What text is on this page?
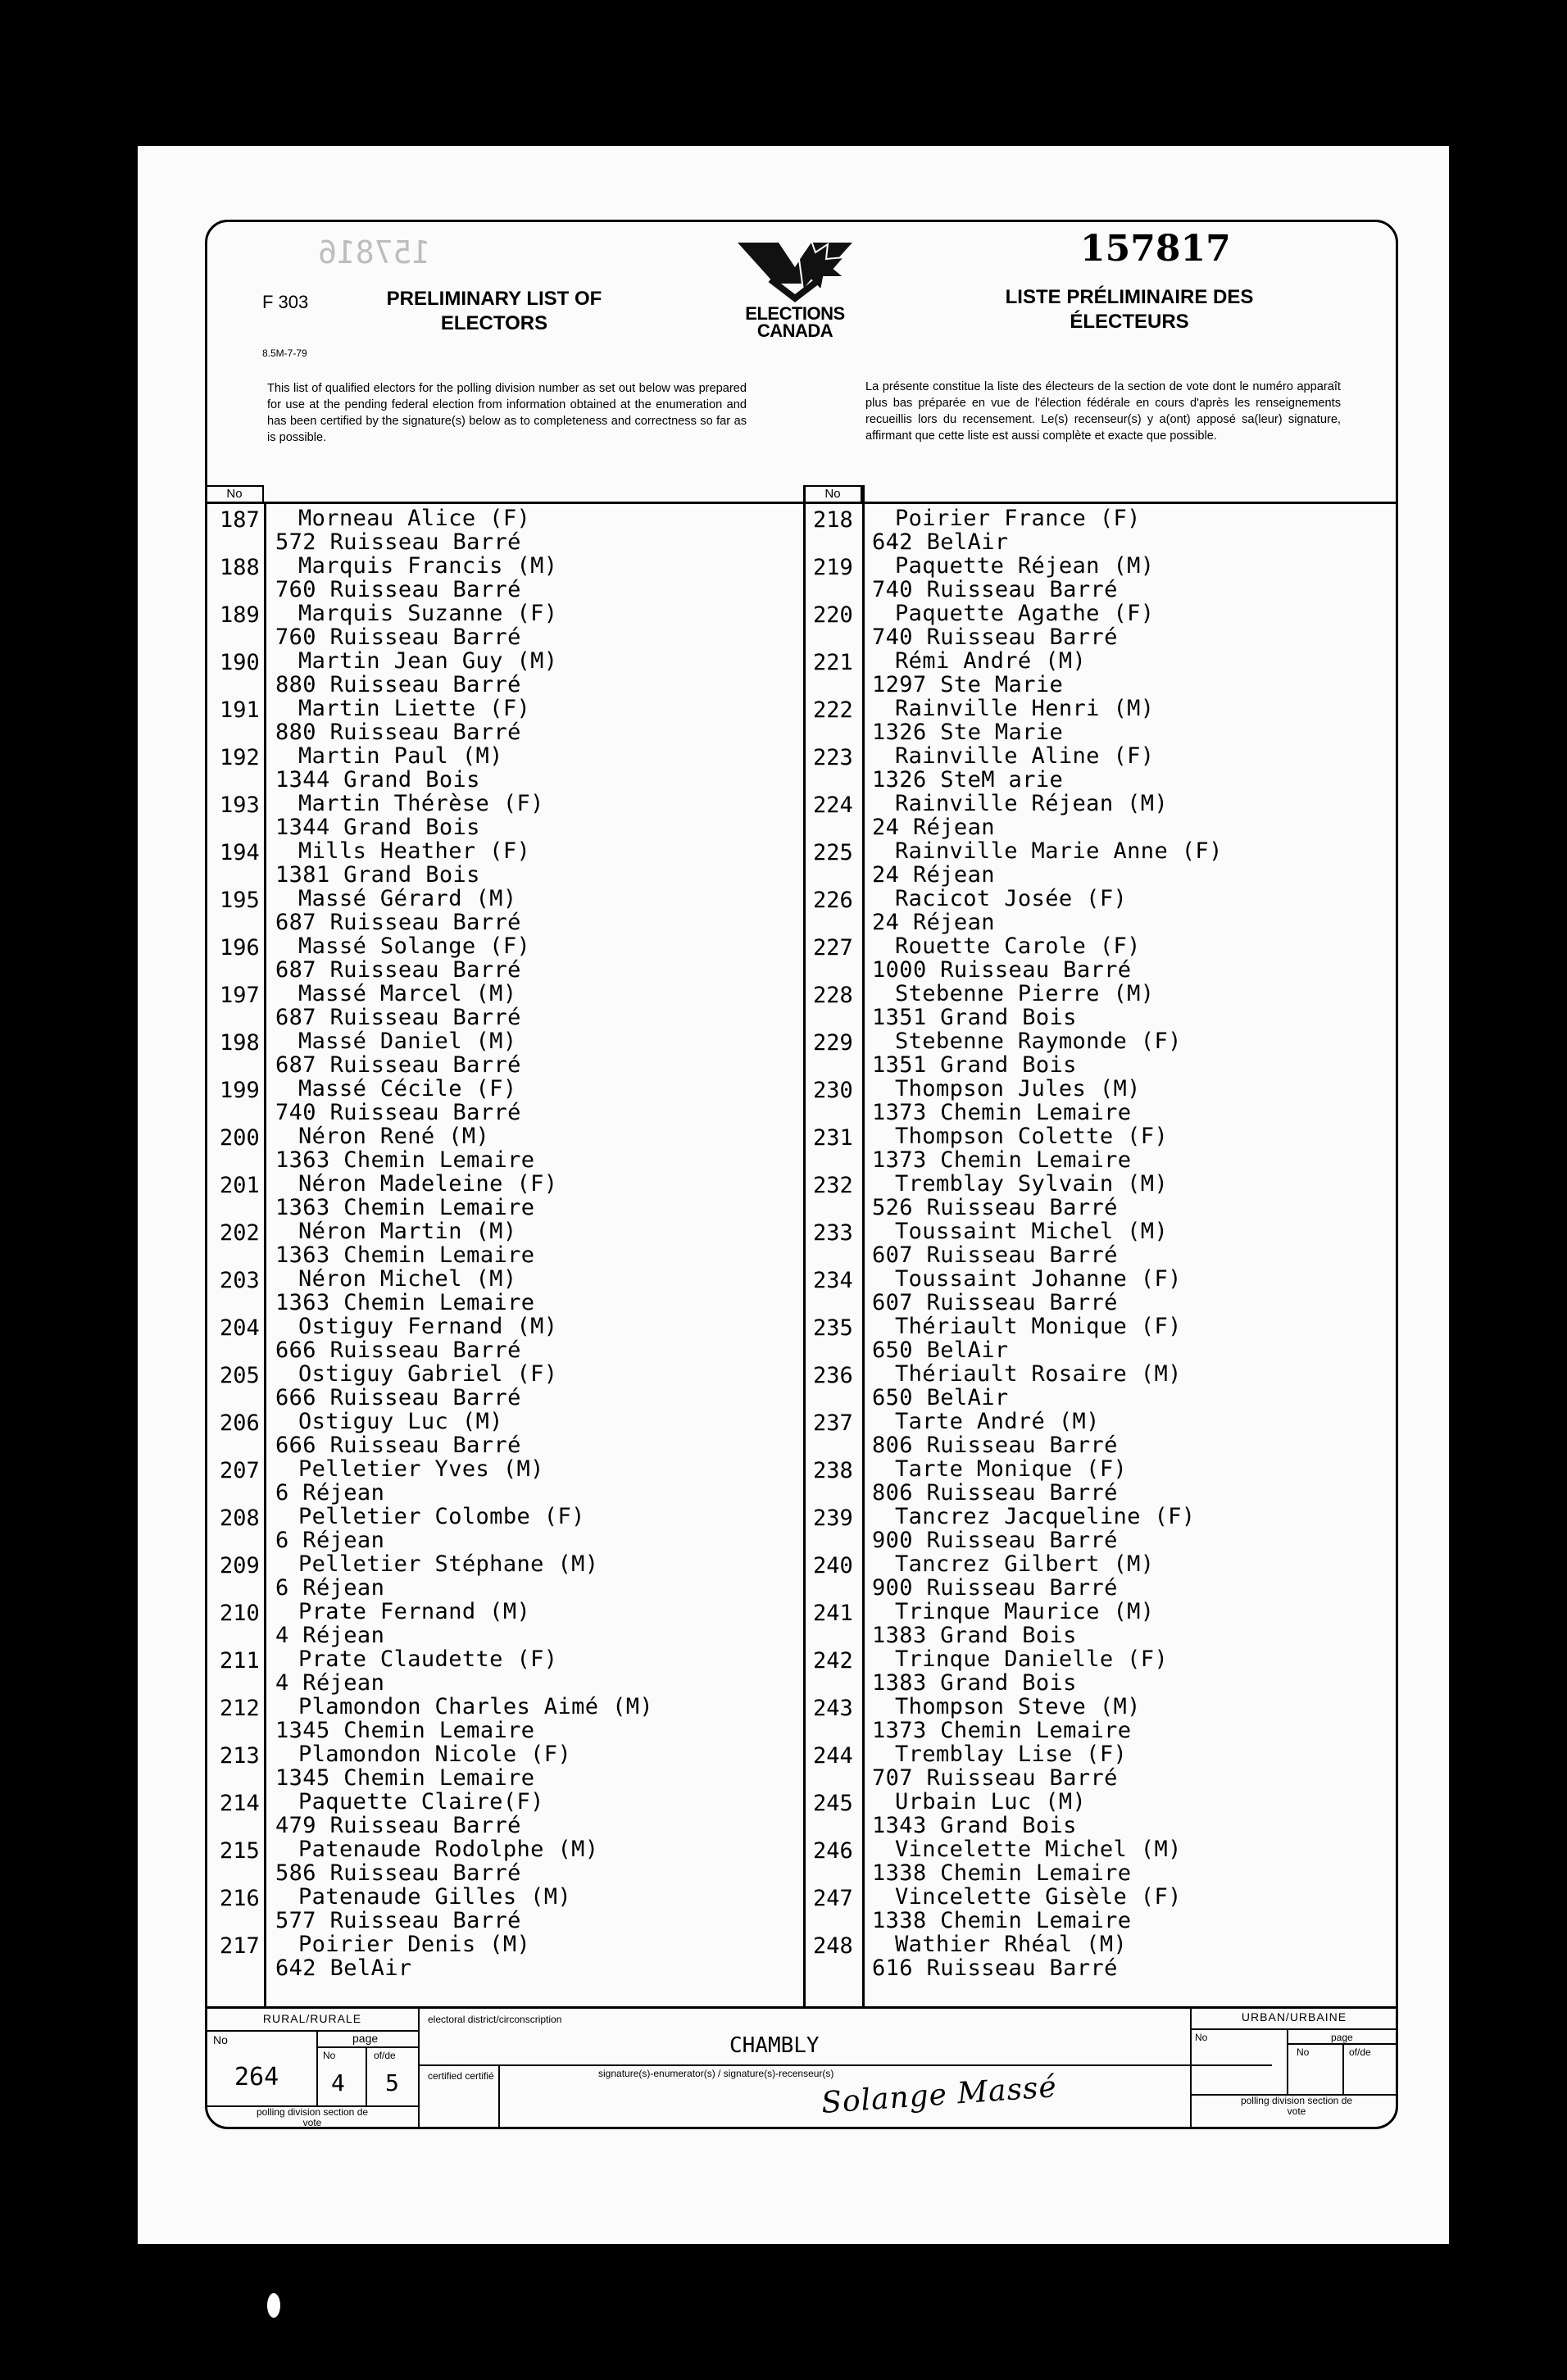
157816	157817
F 303
8.5M-7-79
PRELIMINARY LIST OF ELECTORS	ELECTIONS CANADA
LISTE PRÉLIMINAIRE DES ÉLECTEURS
This list of qualified electors for the polling division number as set out below was prepared for use at the pending federal election from information obtained at the enumeration and has been certified by the signature(s) below as to completeness and correctness so far as is possible.
La présente constitue la liste des électeurs de la section de vote dont le numéro apparaît plus bas préparée en vue de l'élection fédérale en cours d'après les renseignements recueillis lors du recensement. Le(s) recenseur(s) y a(ont) apposé sa(leur) signature, affirmant que cette liste est aussi complète et exacte que possible.
No	No
187 Morneau Alice (F)
572 Ruisseau Barré
188 Marquis Francis (M)
760 Ruisseau Barré
189 Marquis Suzanne (F)
760 Ruisseau Barré
190 Martin Jean Guy (M)
880 Ruisseau Barré
191 Martin Liette (F)
880 Ruisseau Barré
192 Martin Paul (M)
1344 Grand Bois
193 Martin Thérèse (F)
1344 Grand Bois
194 Mills Heather (F)
1381 Grand Bois
195 Massé Gérard (M)
687 Ruisseau Barré
196 Massé Solange (F)
687 Ruisseau Barré
197 Massé Marcel (M)
687 Ruisseau Barré
198 Massé Daniel (M)
687 Ruisseau Barré
199 Massé Cécile (F)
740 Ruisseau Barré
200 Néron René (M)
1363 Chemin Lemaire
201 Néron Madeleine (F)
1363 Chemin Lemaire
202 Néron Martin (M)
1363 Chemin Lemaire
203 Néron Michel (M)
1363 Chemin Lemaire
204 Ostiguy Fernand (M)
666 Ruisseau Barré
205 Ostiguy Gabriel (F)
666 Ruisseau Barré
206 Ostiguy Luc (M)
666 Ruisseau Barré
207 Pelletier Yves (M)
6 Réjean
208 Pelletier Colombe (F)
6 Réjean
209 Pelletier Stéphane (M)
6 Réjean
210 Prate Fernand (M)
4 Réjean
211 Prate Claudette (F)
4 Réjean
212 Plamondon Charles Aimé (M)
1345 Chemin Lemaire
213 Plamondon Nicole (F)
1345 Chemin Lemaire
214 Paquette Claire(F)
479 Ruisseau Barré
215 Patenaude Rodolphe (M)
586 Ruisseau Barré
216 Patenaude Gilles (M)
577 Ruisseau Barré
217 Poirier Denis (M)
642 BelAir
218 Poirier France (F)
642 BelAir
219 Paquette Réjean (M)
740 Ruisseau Barré
220 Paquette Agathe (F)
740 Ruisseau Barré
221 Rémi André (M)
1297 Ste Marie
222 Rainville Henri (M)
1326 Ste Marie
223 Rainville Aline (F)
1326 SteM arie
224 Rainville Réjean (M)
24 Réjean
225 Rainville Marie Anne (F)
24 Réjean
226 Racicot Josée (F)
24 Réjean
227 Rouette Carole (F)
1000 Ruisseau Barré
228 Stebenne Pierre (M)
1351 Grand Bois
229 Stebenne Raymonde (F)
1351 Grand Bois
230 Thompson Jules (M)
1373 Chemin Lemaire
231 Thompson Colette (F)
1373 Chemin Lemaire
232 Tremblay Sylvain (M)
526 Ruisseau Barré
233 Toussaint Michel (M)
607 Ruisseau Barré
234 Toussaint Johanne (F)
607 Ruisseau Barré
235 Thériault Monique (F)
650 BelAir
236 Thériault Rosaire (M)
650 BelAir
237 Tarte André (M)
806 Ruisseau Barré
238 Tarte Monique (F)
806 Ruisseau Barré
239 Tancrez Jacqueline (F)
900 Ruisseau Barré
240 Tancrez Gilbert (M)
900 Ruisseau Barré
241 Trinque Maurice (M)
1383 Grand Bois
242 Trinque Danielle (F)
1383 Grand Bois
243 Thompson Steve (M)
1373 Chemin Lemaire
244 Tremblay Lise (F)
707 Ruisseau Barré
245 Urbain Luc (M)
1343 Grand Bois
246 Vincelette Michel (M)
1338 Chemin Lemaire
247 Vincelette Gisèle (F)
1338 Chemin Lemaire
248 Wathier Rhéal (M)
616 Ruisseau Barré
RURAL/RURALE
No	page
264
No	of/de
4 5
polling division section de vote
electoral district/circonscription
CHAMBLY
certified certifié	signature(s)-enumerator(s) / signature(s)-recenseur(s)
URBAN/URBAINE
No	page
No	of/de
polling division section de vote
Solange Massé
